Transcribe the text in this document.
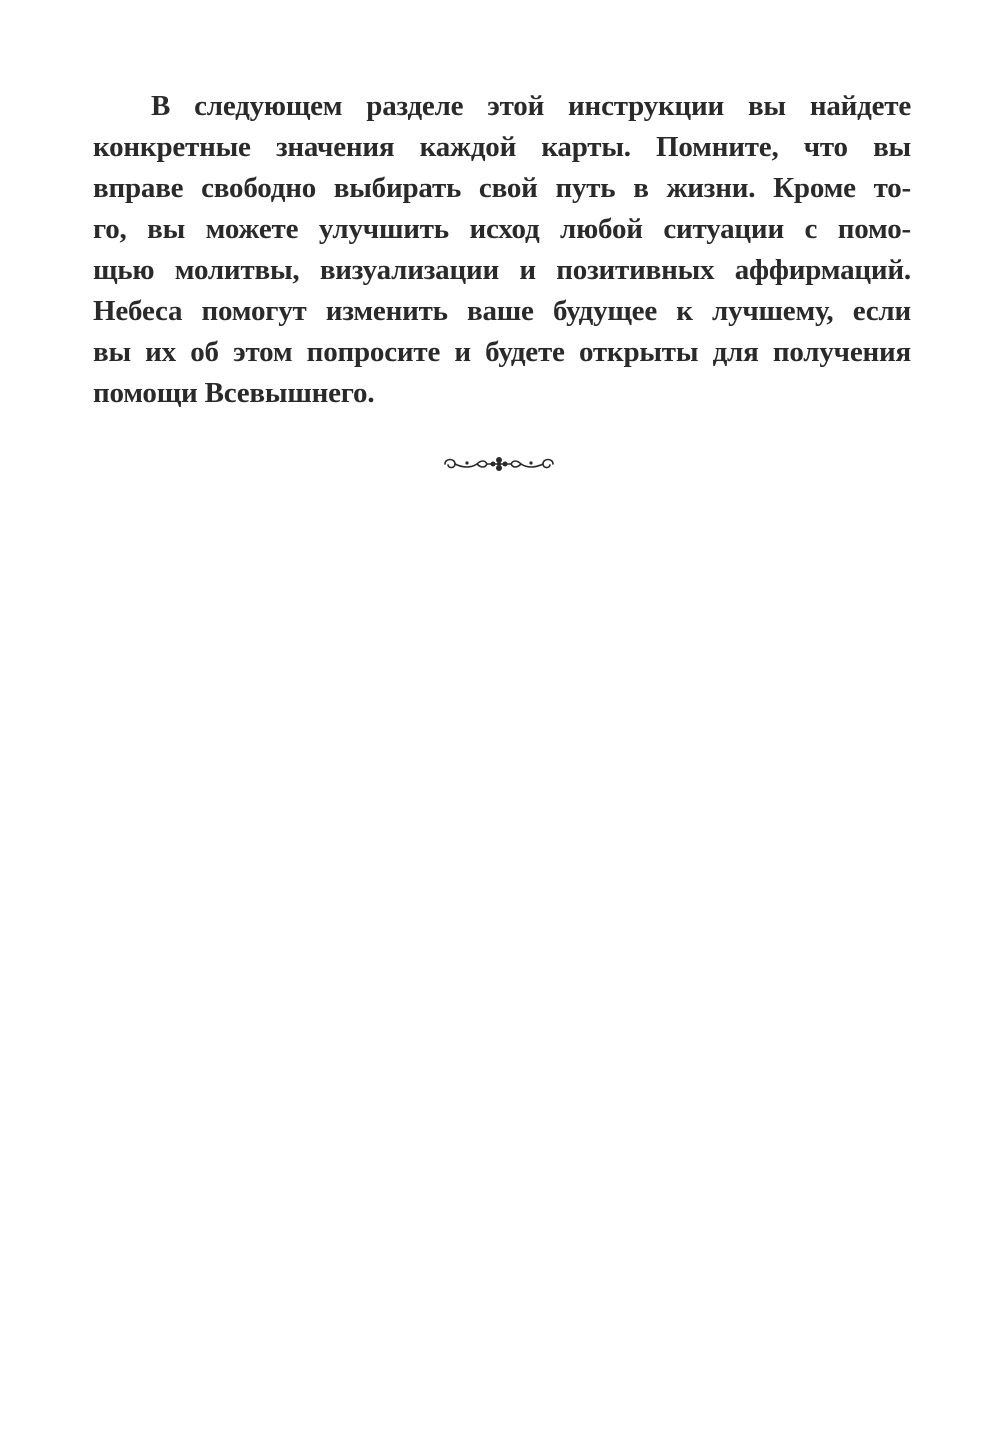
В следующем разделе этой инструкции вы найдете
конкретные значения каждой карты. Помните, что вы
вправе свободно выбирать свой путь в жизни. Кроме то-
го, вы можете улучшить исход любой ситуации с помо-
щью молитвы, визуализации и позитивных аффирмаций.
Небеса помогут изменить ваше будущее к лучшему, если
вы их об этом попросите и будете открыты для получения
помощи Всевышнего.
